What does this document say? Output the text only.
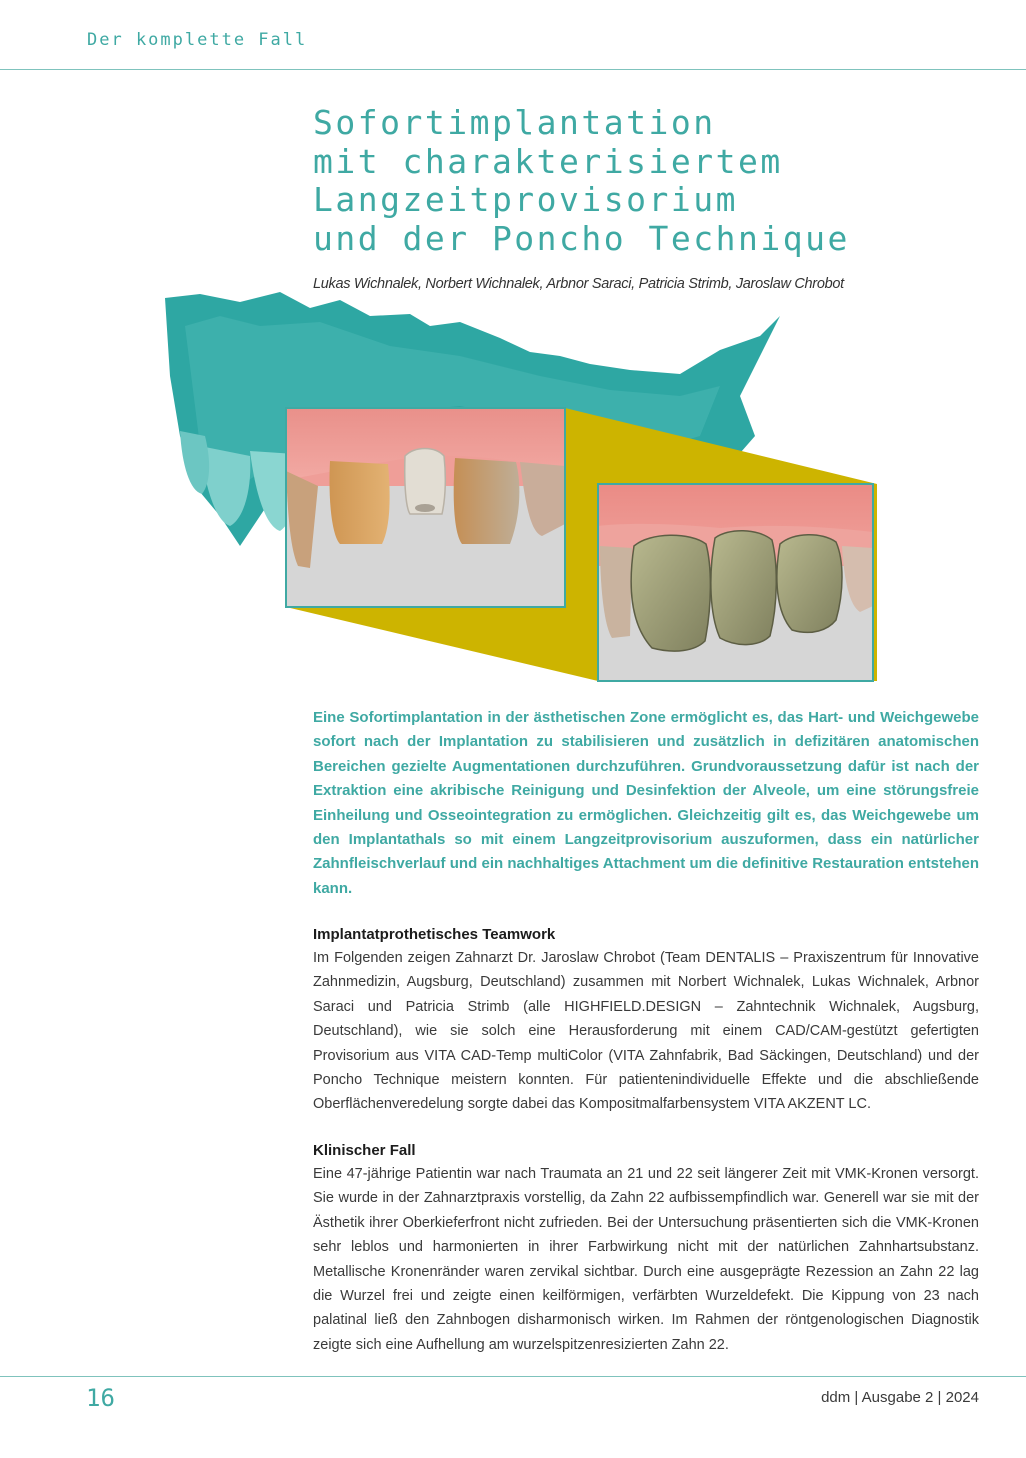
Der komplette Fall
Sofortimplantation
mit charakterisiertem
Langzeitprovisorium
und der Poncho Technique
Lukas Wichnalek, Norbert Wichnalek, Arbnor Saraci, Patricia Strimb, Jaroslaw Chrobot
Eine Sofortimplantation in der ästhetischen Zone ermöglicht es, das Hart- und Weichgewebe sofort nach der Implantation zu stabilisieren und zusätzlich in defizitären anatomischen Bereichen gezielte Augmentationen durchzuführen. Grundvoraussetzung dafür ist nach der Extraktion eine akribische Reinigung und Desinfektion der Alveole, um eine störungsfreie Einheilung und Osseointegration zu ermöglichen. Gleichzeitig gilt es, das Weichgewebe um den Implantathals so mit einem Langzeitprovisorium auszuformen, dass ein natürlicher Zahnfleischverlauf und ein nachhaltiges Attachment um die definitive Restauration entstehen kann.
Implantatprothetisches Teamwork
Im Folgenden zeigen Zahnarzt Dr. Jaroslaw Chrobot (Team DENTALIS – Praxiszentrum für Innovative Zahnmedizin, Augsburg, Deutschland) zusammen mit Norbert Wichnalek, Lukas Wichnalek, Arbnor Saraci und Patricia Strimb (alle HIGHFIELD.DESIGN – Zahntechnik Wichnalek, Augsburg, Deutschland), wie sie solch eine Herausforderung mit einem CAD/CAM-gestützt gefertigten Provisorium aus VITA CAD-Temp multiColor (VITA Zahnfabrik, Bad Säckingen, Deutschland) und der Poncho Technique meistern konnten. Für patientenindividuelle Effekte und die abschließende Oberflächenveredelung sorgte dabei das Kompositmalfarbensystem VITA AKZENT LC.
Klinischer Fall
Eine 47-jährige Patientin war nach Traumata an 21 und 22 seit längerer Zeit mit VMK-Kronen versorgt. Sie wurde in der Zahnarztpraxis vorstellig, da Zahn 22 aufbissempfindlich war. Generell war sie mit der Ästhetik ihrer Oberkieferfront nicht zufrieden. Bei der Untersuchung präsentierten sich die VMK-Kronen sehr leblos und harmonierten in ihrer Farbwirkung nicht mit der natürlichen Zahnhartsubstanz. Metallische Kronenränder waren zervikal sichtbar. Durch eine ausgeprägte Rezession an Zahn 22 lag die Wurzel frei und zeigte einen keilförmigen, verfärbten Wurzeldefekt. Die Kippung von 23 nach palatinal ließ den Zahnbogen disharmonisch wirken. Im Rahmen der röntgenologischen Diagnostik zeigte sich eine Aufhellung am wurzelspitzenresizierten Zahn 22.
16	ddm | Ausgabe 2 | 2024
